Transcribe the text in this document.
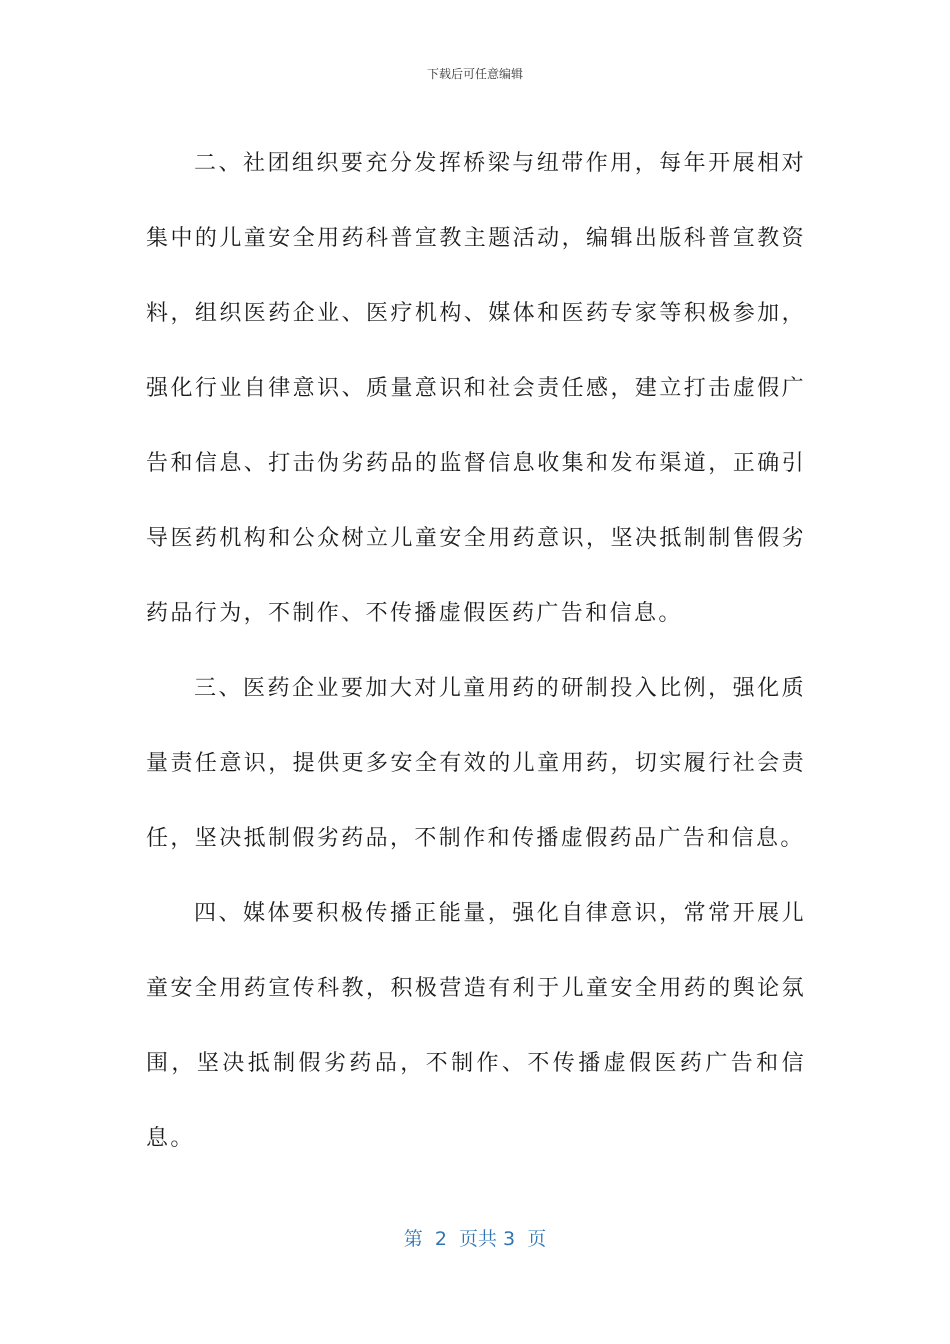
下载后可任意编辑

二、社团组织要充分发挥桥梁与纽带作用，每年开展相对集中的儿童安全用药科普宣教主题活动，编辑出版科普宣教资料，组织医药企业、医疗机构、媒体和医药专家等积极参加，强化行业自律意识、质量意识和社会责任感，建立打击虚假广告和信息、打击伪劣药品的监督信息收集和发布渠道，正确引导医药机构和公众树立儿童安全用药意识，坚决抵制制售假劣药品行为，不制作、不传播虚假医药广告和信息。

三、医药企业要加大对儿童用药的研制投入比例，强化质量责任意识，提供更多安全有效的儿童用药，切实履行社会责任，坚决抵制假劣药品，不制作和传播虚假药品广告和信息。

四、媒体要积极传播正能量，强化自律意识，常常开展儿童安全用药宣传科教，积极营造有利于儿童安全用药的舆论氛围，坚决抵制假劣药品，不制作、不传播虚假医药广告和信息。

第  2  页共 3  页
